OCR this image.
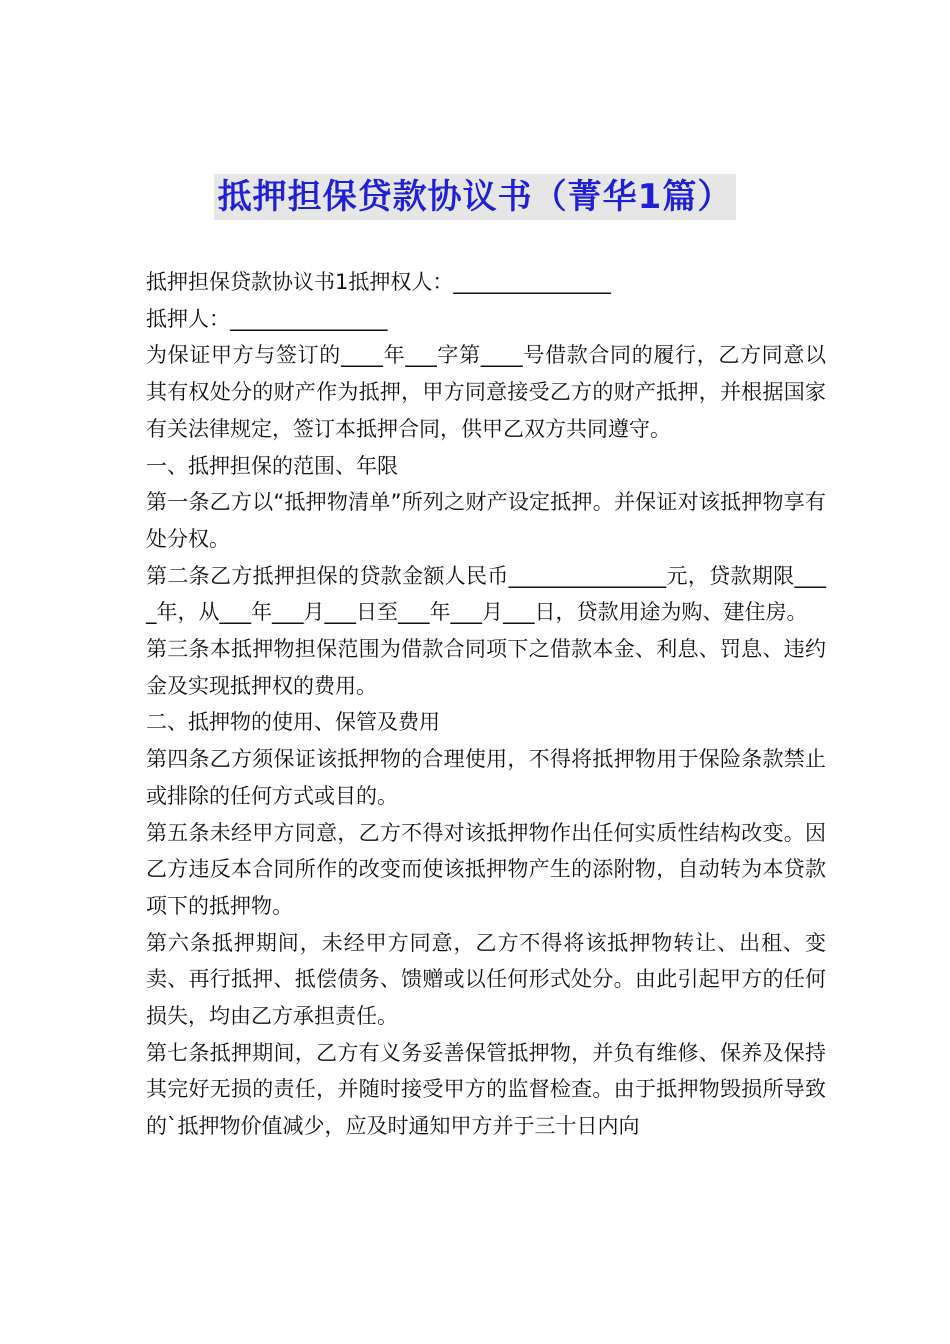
抵押担保贷款协议书（菁华1篇）

抵押担保贷款协议书1抵押权人：_______________

抵押人：_______________

为保证甲方与签订的____年___字第____号借款合同的履行，乙方同意以其有权处分的财产作为抵押，甲方同意接受乙方的财产抵押，并根据国家有关法律规定，签订本抵押合同，供甲乙双方共同遵守。

一、抵押担保的范围、年限

第一条乙方以“抵押物清单”所列之财产设定抵押。并保证对该抵押物享有处分权。

第二条乙方抵押担保的贷款金额人民币_______________元，贷款期限____年，从___年___月___日至___年___月___日，贷款用途为购、建住房。

第三条本抵押物担保范围为借款合同项下之借款本金、利息、罚息、违约金及实现抵押权的费用。

二、抵押物的使用、保管及费用

第四条乙方须保证该抵押物的合理使用，不得将抵押物用于保险条款禁止或排除的任何方式或目的。

第五条未经甲方同意，乙方不得对该抵押物作出任何实质性结构改变。因乙方违反本合同所作的改变而使该抵押物产生的添附物，自动转为本贷款项下的抵押物。

第六条抵押期间，未经甲方同意，乙方不得将该抵押物转让、出租、变卖、再行抵押、抵偿债务、馈赠或以任何形式处分。由此引起甲方的任何损失，均由乙方承担责任。

第七条抵押期间，乙方有义务妥善保管抵押物，并负有维修、保养及保持其完好无损的责任，并随时接受甲方的监督检查。由于抵押物毁损所导致的`抵押物价值减少，应及时通知甲方并于三十日内向
